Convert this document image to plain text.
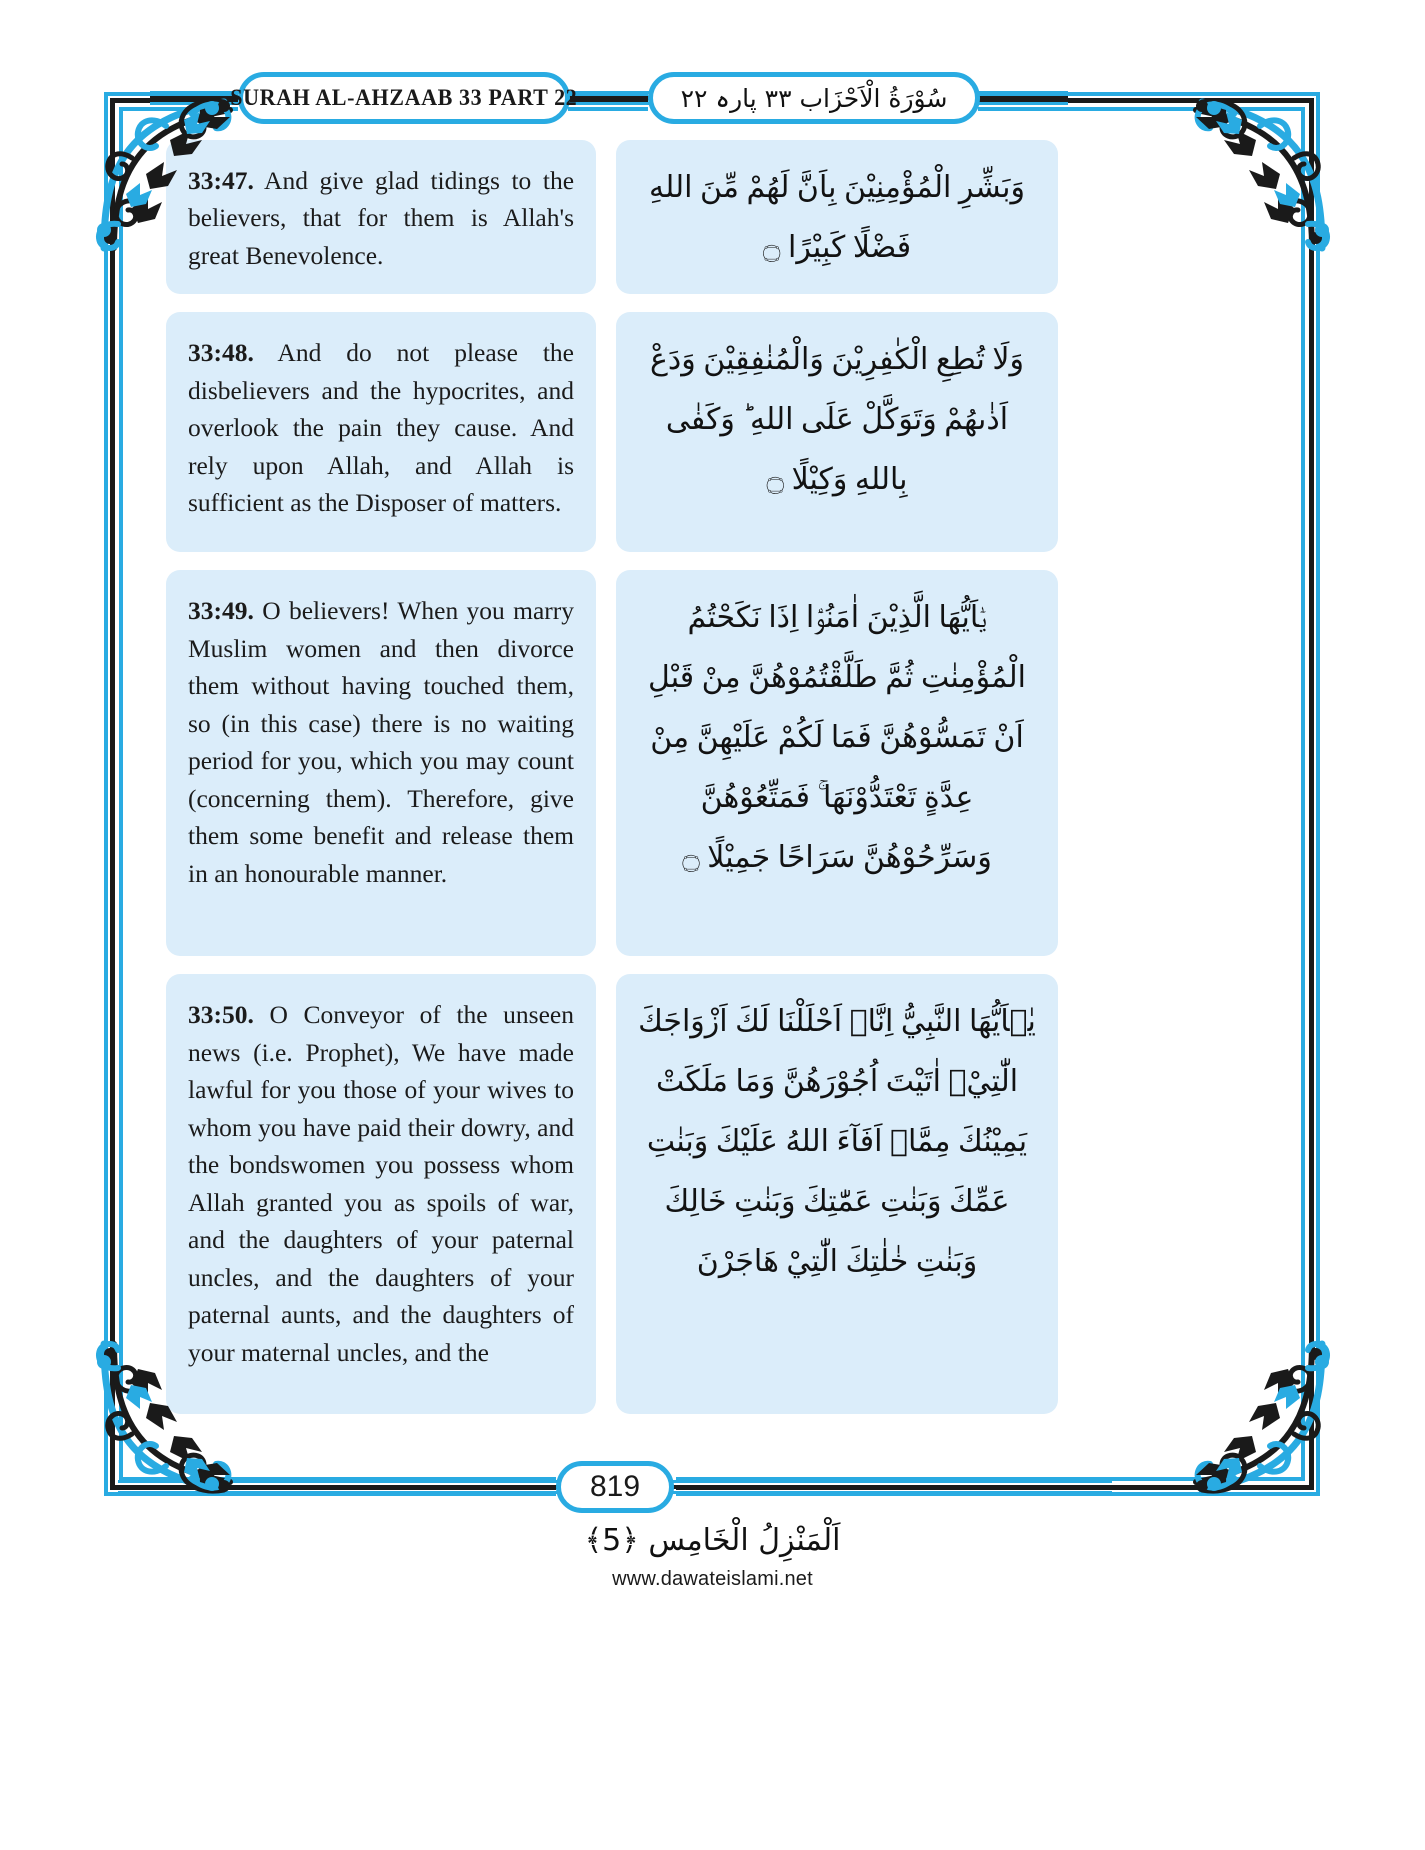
SURAH AL-AHZAAB 33 PART 22	سُوْرَةُ الْاَحْزَاب ٣٣ پارہ ٢٢
33:47. And give glad tidings to the believers, that for them is Allah's great Benevolence.
وَبَشِّرِ الْمُؤْمِنِيْنَ بِاَنَّ لَهُمْ مِّنَ اللهِ فَضْلًا كَبِيْرًا ۝
33:48. And do not please the disbelievers and the hypocrites, and overlook the pain they cause. And rely upon Allah, and Allah is sufficient as the Disposer of matters.
وَلَا تُطِعِ الْكٰفِرِيْنَ وَالْمُنٰفِقِيْنَ وَدَعْ اَذٰىهُمْ وَتَوَكَّلْ عَلَى اللهِ ؕ وَكَفٰى بِاللهِ وَكِيْلًا ۝
33:49. O believers! When you marry Muslim women and then divorce them without having touched them, so (in this case) there is no waiting period for you, which you may count (concerning them). Therefore, give them some benefit and release them in an honourable manner.
يٰۤاَيُّهَا الَّذِيْنَ اٰمَنُوْۤا اِذَا نَكَحْتُمُ الْمُؤْمِنٰتِ ثُمَّ طَلَّقْتُمُوْهُنَّ مِنْ قَبْلِ اَنْ تَمَسُّوْهُنَّ فَمَا لَكُمْ عَلَيْهِنَّ مِنْ عِدَّةٍ تَعْتَدُّوْنَهَا ۚ فَمَتِّعُوْهُنَّ وَسَرِّحُوْهُنَّ سَرَاحًا جَمِيْلًا ۝
33:50. O Conveyor of the unseen news (i.e. Prophet), We have made lawful for you those of your wives to whom you have paid their dowry, and the bondswomen you possess whom Allah granted you as spoils of war, and the daughters of your paternal uncles, and the daughters of your paternal aunts, and the daughters of your maternal uncles, and the
يٰۤاَيُّهَا النَّبِيُّ اِنَّاۤ اَحْلَلْنَا لَكَ اَزْوَاجَكَ الّٰتِيْۤ اٰتَيْتَ اُجُوْرَهُنَّ وَمَا مَلَكَتْ يَمِيْنُكَ مِمَّاۤ اَفَآءَ اللهُ عَلَيْكَ وَبَنٰتِ عَمِّكَ وَبَنٰتِ عَمّٰتِكَ وَبَنٰتِ خَالِكَ وَبَنٰتِ خٰلٰتِكَ الّٰتِيْ هَاجَرْنَ
819
اَلْمَنْزِلُ الْخَامِس ﴿5﴾
www.dawateislami.net
